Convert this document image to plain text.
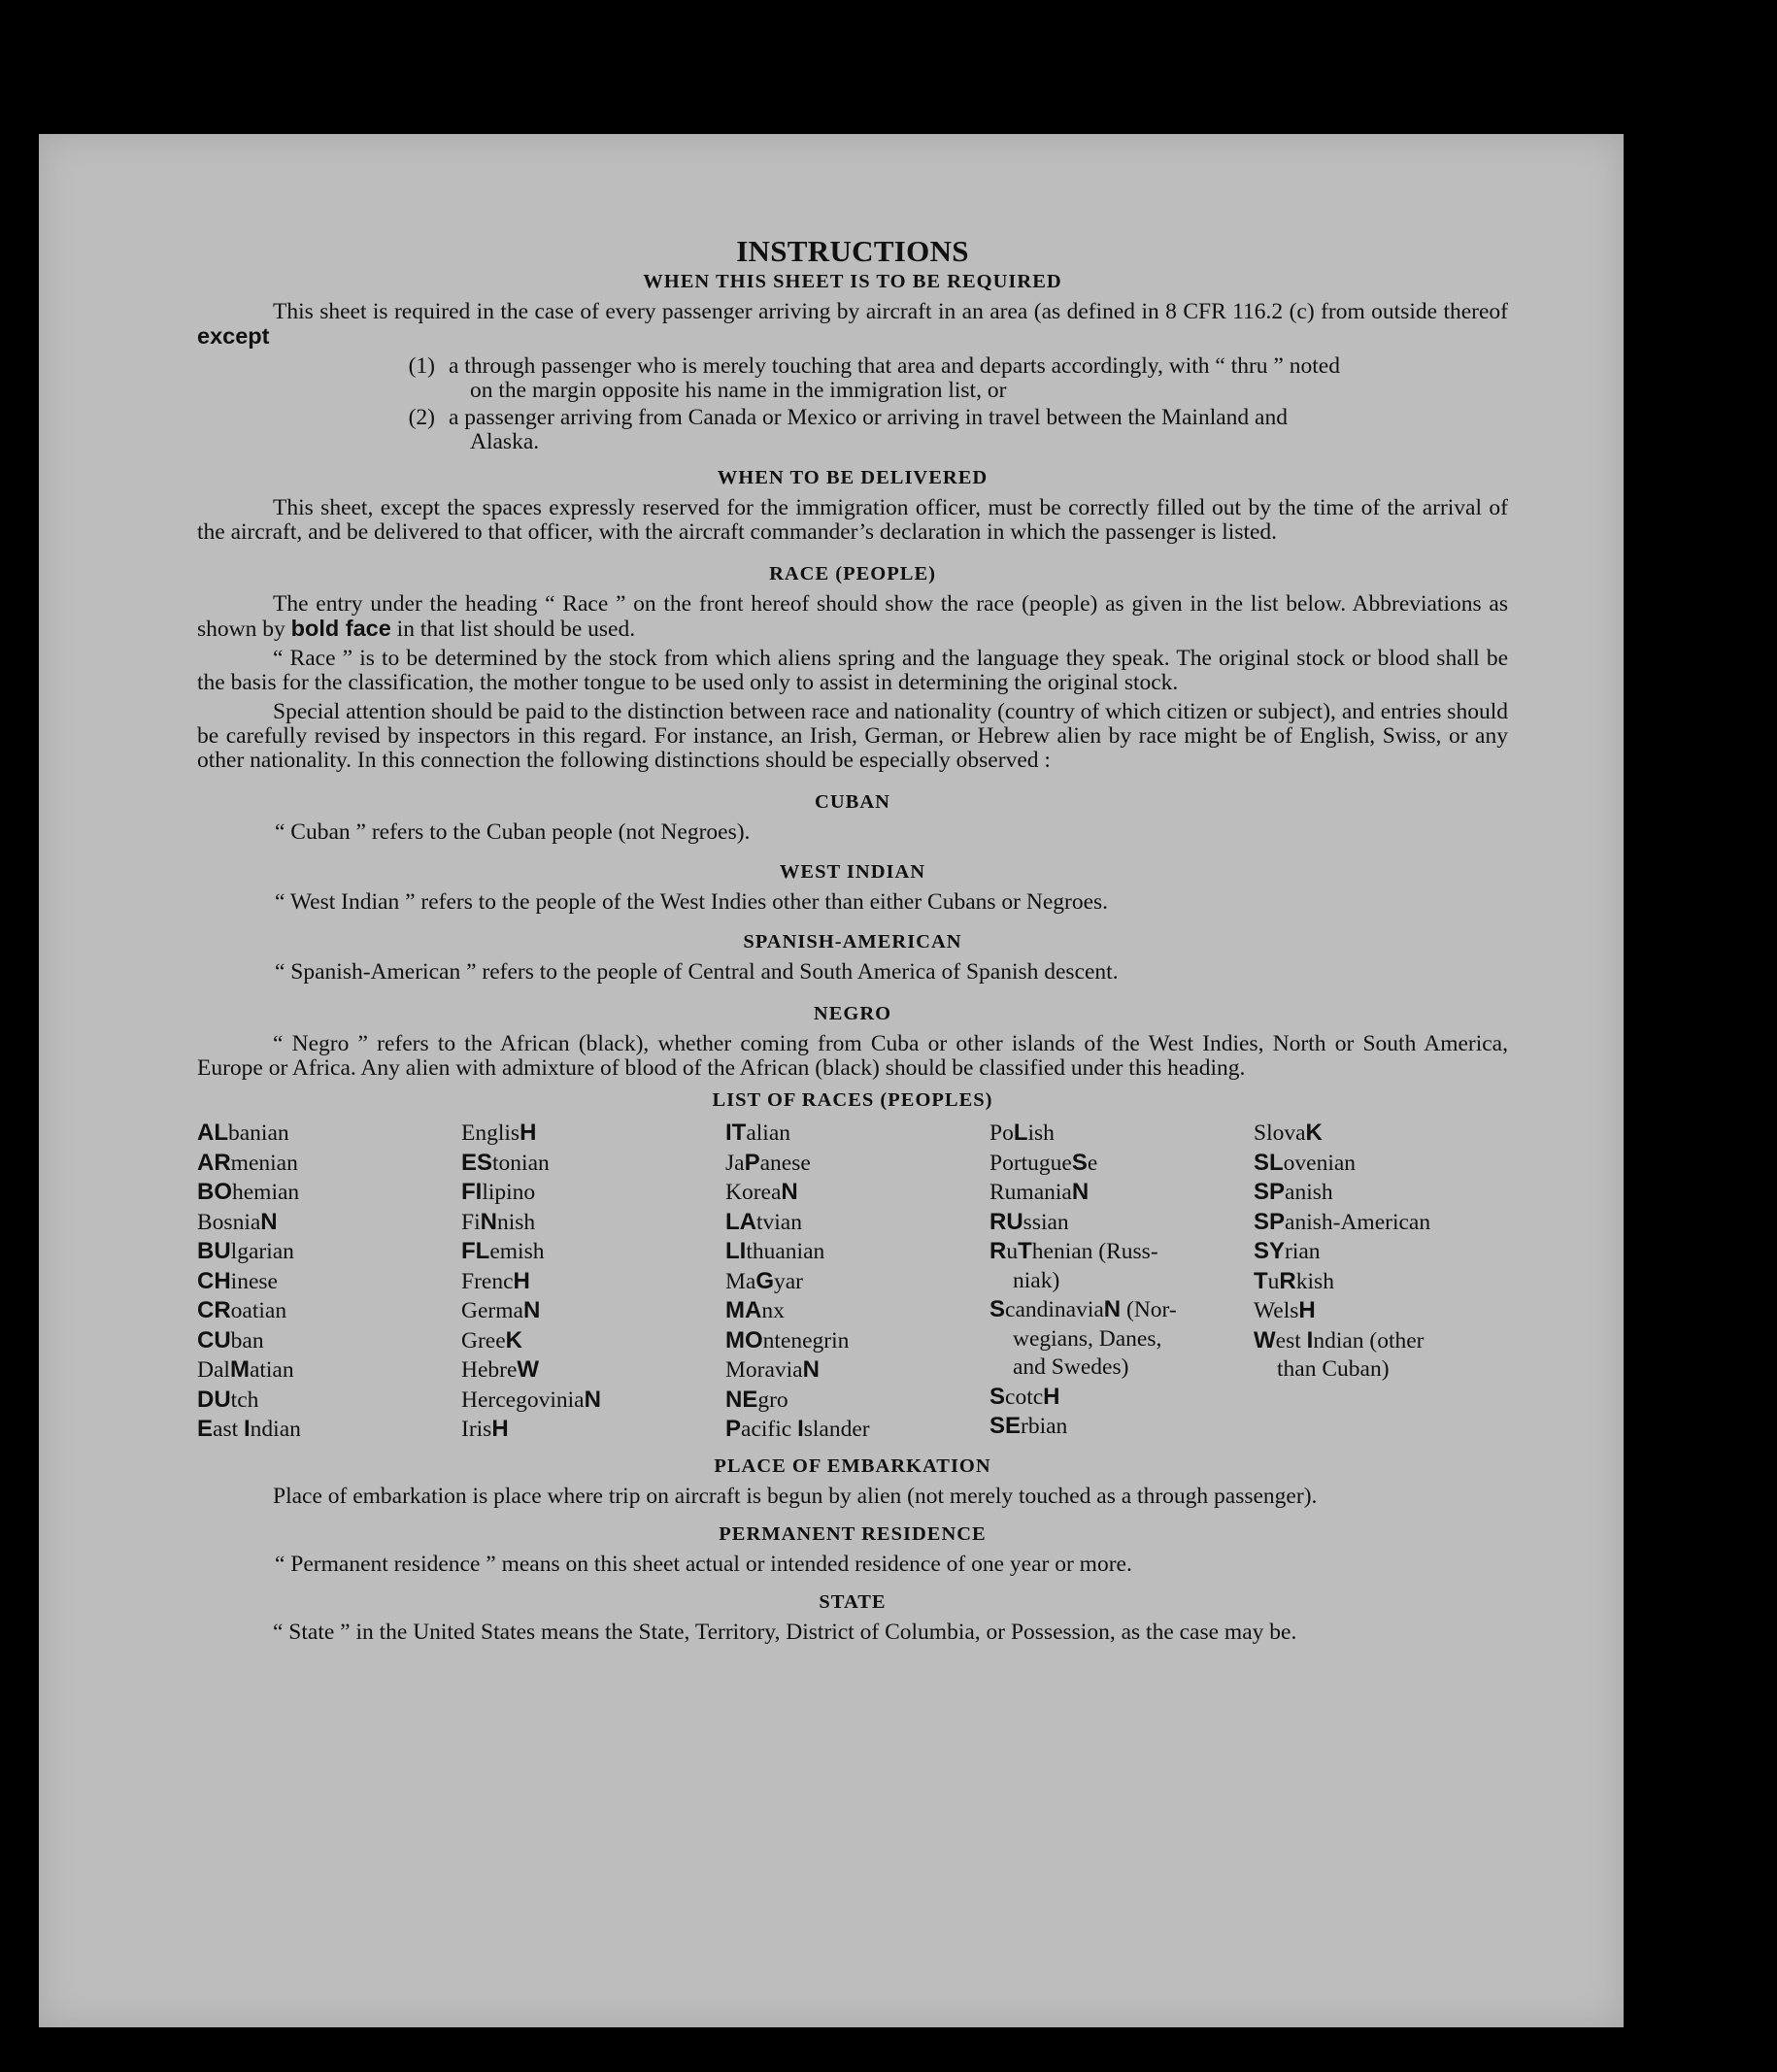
INSTRUCTIONS
WHEN THIS SHEET IS TO BE REQUIRED

This sheet is required in the case of every passenger arriving by aircraft in an area (as defined in 8 CFR 116.2 (c) from outside thereof except

(1) a through passenger who is merely touching that area and departs accordingly, with “ thru ” noted
on the margin opposite his name in the immigration list, or
(2) a passenger arriving from Canada or Mexico or arriving in travel between the Mainland and
Alaska.
WHEN TO BE DELIVERED

This sheet, except the spaces expressly reserved for the immigration officer, must be correctly filled out by the time of the arrival of the aircraft, and be delivered to that officer, with the aircraft commander’s declaration in which the passenger is listed.

RACE (PEOPLE)

The entry under the heading “ Race ” on the front hereof should show the race (people) as given in the list below. Abbreviations as shown by bold face in that list should be used.

“ Race ” is to be determined by the stock from which aliens spring and the language they speak. The original stock or blood shall be the basis for the classification, the mother tongue to be used only to assist in determining the original stock.

Special attention should be paid to the distinction between race and nationality (country of which citizen or subject), and entries should be carefully revised by inspectors in this regard. For instance, an Irish, German, or Hebrew alien by race might be of English, Swiss, or any other nationality. In this connection the following distinctions should be especially observed :

CUBAN

“ Cuban ” refers to the Cuban people (not Negroes).

WEST INDIAN

“ West Indian ” refers to the people of the West Indies other than either Cubans or Negroes.

SPANISH-AMERICAN

“ Spanish-American ” refers to the people of Central and South America of Spanish descent.

NEGRO

“ Negro ” refers to the African (black), whether coming from Cuba or other islands of the West Indies, North or South America, Europe or Africa. Any alien with admixture of blood of the African (black) should be classified under this heading.

LIST OF RACES (PEOPLES)
ALbanian
ARmenian
BOhemian
BosniaN
BUlgarian
CHinese
CRoatian
CUban
DalMatian
DUtch
East Indian
EnglisH
EStonian
FIlipino
FiNnish
FLemish
FrencH
GermaN
GreeK
HebreW
HercegoviniaN
IrisH
ITalian
JaPanese
KoreaN
LAtvian
LIthuanian
MaGyar
MAnx
MOntenegrin
MoraviaN
NEgro
Pacific Islander
PoLish
PortugueSe
RumaniaN
RUssian
RuThenian (Russ-
niak)
ScandinaviaN (Nor-
wegians, Danes,
and Swedes)
ScotcH
SErbian
SlovaK
SLovenian
SPanish
SPanish-American
SYrian
TuRkish
WelsH
West Indian (other
than Cuban)
PLACE OF EMBARKATION

Place of embarkation is place where trip on aircraft is begun by alien (not merely touched as a through passenger).

PERMANENT RESIDENCE

“ Permanent residence ” means on this sheet actual or intended residence of one year or more.

STATE

“ State ” in the United States means the State, Territory, District of Columbia, or Possession, as the case may be.
